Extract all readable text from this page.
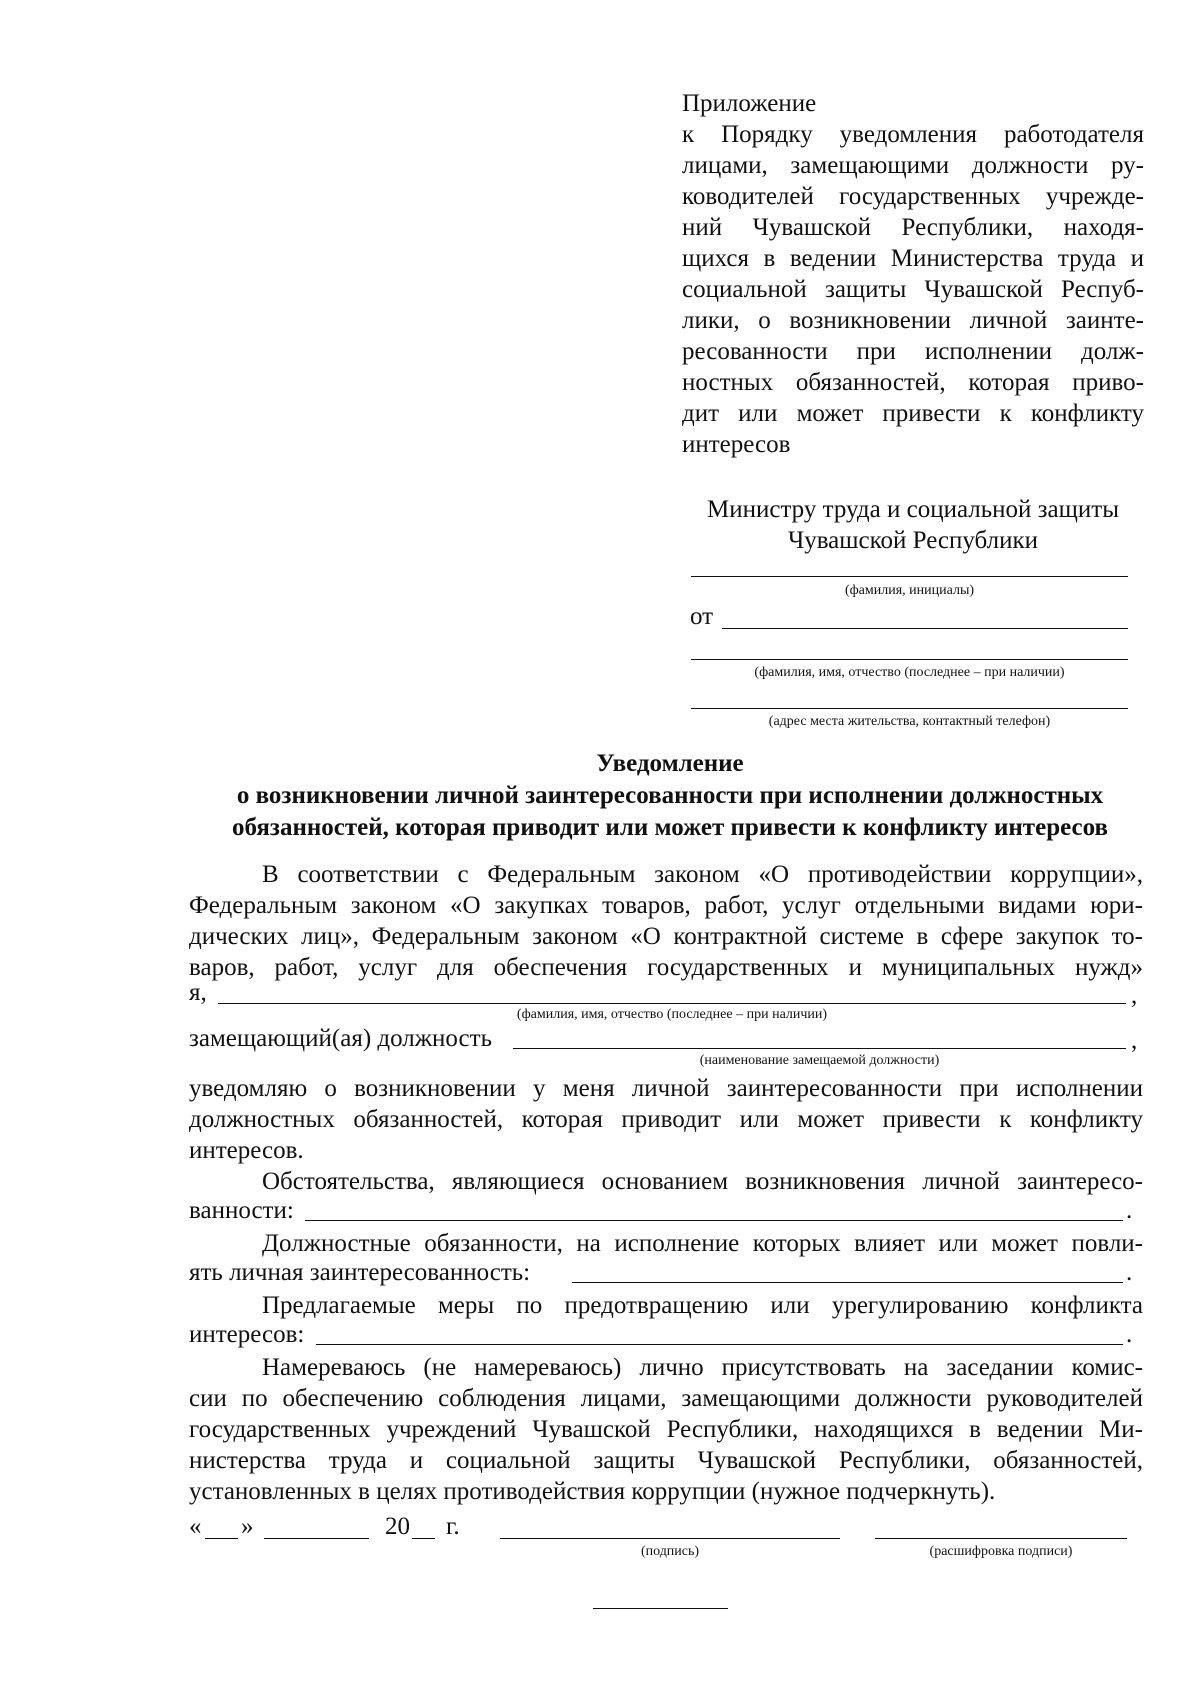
Приложение
к Порядку уведомления работодателя
лицами, замещающими должности ру-
ководителей государственных учрежде-
ний Чувашской Республики, находя-
щихся в ведении Министерства труда и
социальной защиты Чувашской Респуб-
лики, о возникновении личной заинте-
ресованности при исполнении долж-
ностных обязанностей, которая приво-
дит или может привести к конфликту
интересов
Министру труда и социальной защиты
Чувашской Республики
(фамилия, инициалы)
от
(фамилия, имя, отчество (последнее – при наличии)
(адрес места жительства, контактный телефон)
Уведомление
о возникновении личной заинтересованности при исполнении должностных
обязанностей, которая приводит или может привести к конфликту интересов
В соответствии с Федеральным законом «О противодействии коррупции»,
Федеральным законом «О закупках товаров, работ, услуг отдельными видами юри-
дических лиц», Федеральным законом «О контрактной системе в сфере закупок то-
варов, работ, услуг для обеспечения государственных и муниципальных нужд»
я,	,
(фамилия, имя, отчество (последнее – при наличии)
замещающий(ая) должность	,
(наименование замещаемой должности)
уведомляю о возникновении у меня личной заинтересованности при исполнении
должностных обязанностей, которая приводит или может привести к конфликту
интересов.
Обстоятельства, являющиеся основанием возникновения личной заинтересо-
ванности:	.
Должностные обязанности, на исполнение которых влияет или может повли-
ять личная заинтересованность:	.
Предлагаемые меры по предотвращению или урегулированию конфликта
интересов:	.
Намереваюсь (не намереваюсь) лично присутствовать на заседании комис-
сии по обеспечению соблюдения лицами, замещающими должности руководителей
государственных учреждений Чувашской Республики, находящихся в ведении Ми-
нистерства труда и социальной защиты Чувашской Республики, обязанностей,
установленных в целях противодействия коррупции (нужное подчеркнуть).
« »	20 г.
(подпись)	(расшифровка подписи)
